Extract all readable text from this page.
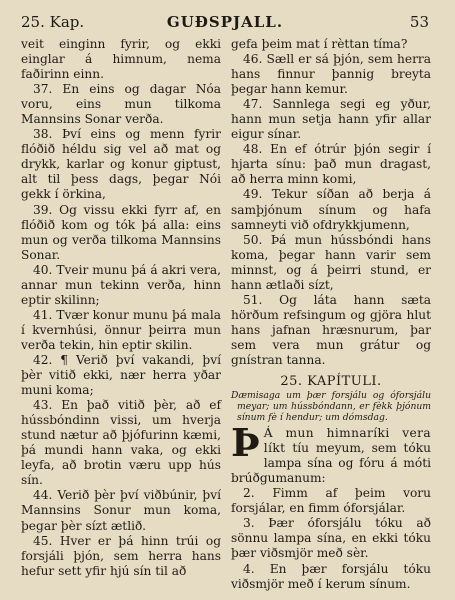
25. Kap.	GUÐSPJALL.	53
veit einginn fyrir, og ekki einglar á himnum, nema faðirinn einn.
37. En eins og dagar Nóa voru, eins mun tilkoma Mannsins Sonar verða.
38. Því eins og menn fyrir flóðið héldu sig vel að mat og drykk, karlar og konur giptust, alt til þess dags, þegar Nói gekk í örkina,
39. Og vissu ekki fyrr af, en flóðið kom og tók þá alla: eins mun og verða tilkoma Mannsins Sonar.
40. Tveir munu þá á akri vera, annar mun tekinn verða, hinn eptir skilinn;
41. Tvær konur munu þá mala í kvernhúsi, önnur þeirra mun verða tekin, hin eptir skilin.
42. ¶ Verið því vakandi, því þèr vitið ekki, nær herra yðar muni koma;
43. En það vitið þèr, að ef hússbóndinn vissi, um hverja stund nætur að þjófurinn kæmi, þá mundi hann vaka, og ekki leyfa, að brotin væru upp hús sín.
44. Verið þèr því viðbúnir, því Mannsins Sonur mun koma, þegar þèr sízt ætlið.
45. Hver er þá hinn trúi og forsjáli þjón, sem herra hans hefur sett yfir hjú sín til að
gefa þeim mat í rèttan tíma?
46. Sæll er sá þjón, sem herra hans finnur þannig breyta þegar hann kemur.
47. Sannlega segi eg yður, hann mun setja hann yfir allar eigur sínar.
48. En ef ótrúr þjón segir í hjarta sínu: það mun dragast, að herra minn komi,
49. Tekur síðan að berja á samþjónum sínum og hafa samneyti við ofdrykkjumenn,
50. Þá mun hússbóndi hans koma, þegar hann varir sem minnst, og á þeirri stund, er hann ætlaði sízt,
51. Og láta hann sæta hörðum refsingum og gjöra hlut hans jafnan hræsnurum, þar sem vera mun grátur og gnístran tanna.
25. KAPÍTULI.
Dæmisaga um þær forsjálu og óforsjálu meyar; um hússbóndann, er fèkk þjónum sínum fè í hendur; um dómsdag.
Þ Á mun himnaríki vera líkt tíu meyum, sem tóku lampa sína og fóru á móti brúðgumanum:
2. Fimm af þeim voru forsjálar, en fimm óforsjálar.
3. Þær óforsjálu tóku að sönnu lampa sína, en ekki tóku þær viðsmjör með sèr.
4. En þær forsjálu tóku viðsmjör með í kerum sínum.
